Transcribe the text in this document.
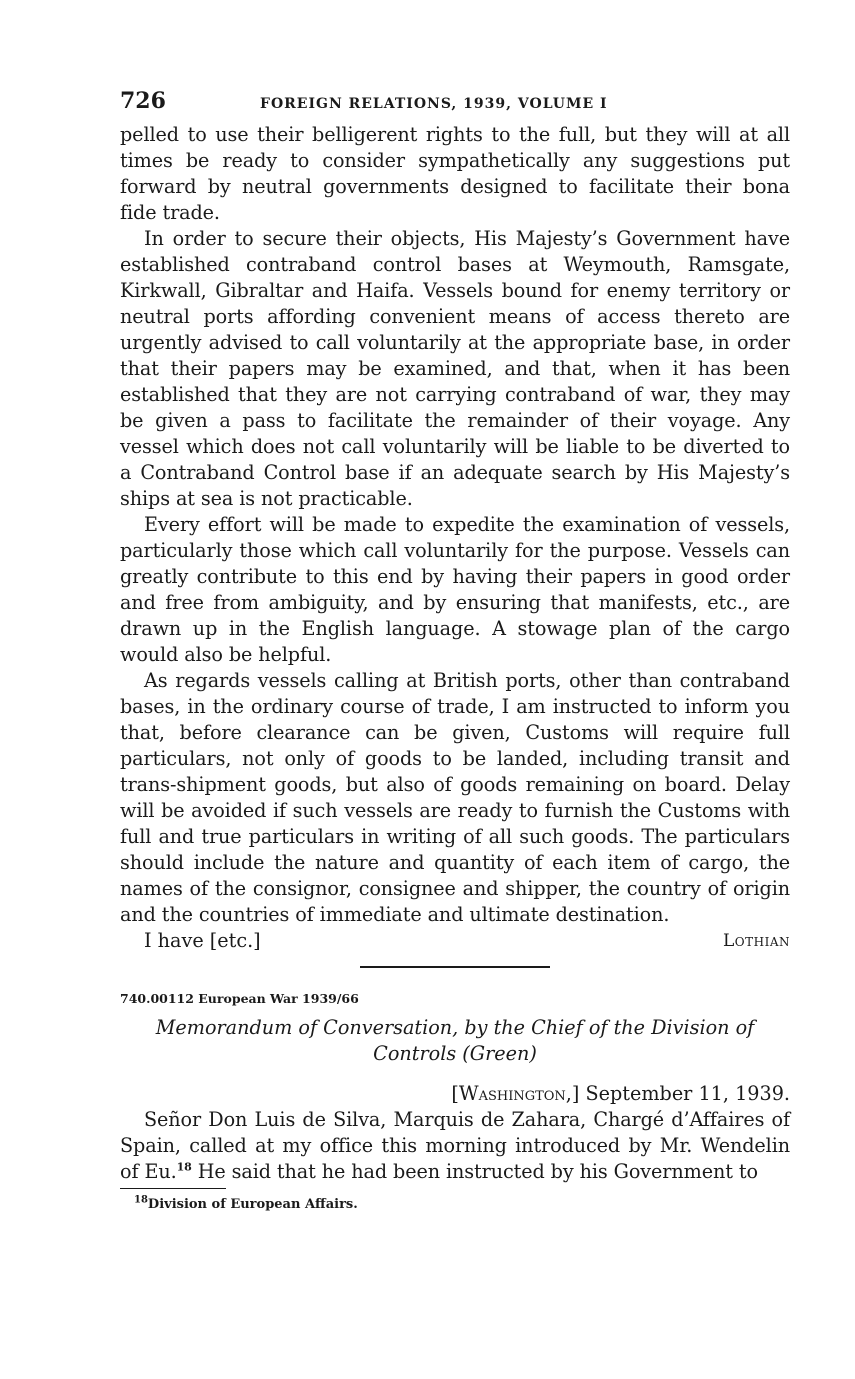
726	FOREIGN RELATIONS, 1939, VOLUME I

pelled to use their belligerent rights to the full, but they will at all times be ready to consider sympathetically any suggestions put forward by neutral governments designed to facilitate their bona fide trade.

In order to secure their objects, His Majesty’s Government have established contraband control bases at Weymouth, Ramsgate, Kirkwall, Gibraltar and Haifa. Vessels bound for enemy territory or neutral ports affording convenient means of access thereto are urgently advised to call voluntarily at the appropriate base, in order that their papers may be examined, and that, when it has been established that they are not carrying contraband of war, they may be given a pass to facilitate the remainder of their voyage. Any vessel which does not call voluntarily will be liable to be diverted to a Contraband Control base if an adequate search by His Majesty’s ships at sea is not practicable.

Every effort will be made to expedite the examination of vessels, particularly those which call voluntarily for the purpose. Vessels can greatly contribute to this end by having their papers in good order and free from ambiguity, and by ensuring that manifests, etc., are drawn up in the English language. A stowage plan of the cargo would also be helpful.

As regards vessels calling at British ports, other than contraband bases, in the ordinary course of trade, I am instructed to inform you that, before clearance can be given, Customs will require full particulars, not only of goods to be landed, including transit and trans-shipment goods, but also of goods remaining on board. Delay will be avoided if such vessels are ready to furnish the Customs with full and true particulars in writing of all such goods. The particulars should include the nature and quantity of each item of cargo, the names of the consignor, consignee and shipper, the country of origin and the countries of immediate and ultimate destination.

I have [etc.]	Lothian
740.00112 European War 1939/66
Memorandum of Conversation, by the Chief of the Division of Controls (Green)
[Washington,] September 11, 1939.

Señor Don Luis de Silva, Marquis de Zahara, Chargé d’Affaires of Spain, called at my office this morning introduced by Mr. Wendelin of Eu.$^{18}$ He said that he had been instructed by his Government to

$^{18}$Division of European Affairs.
